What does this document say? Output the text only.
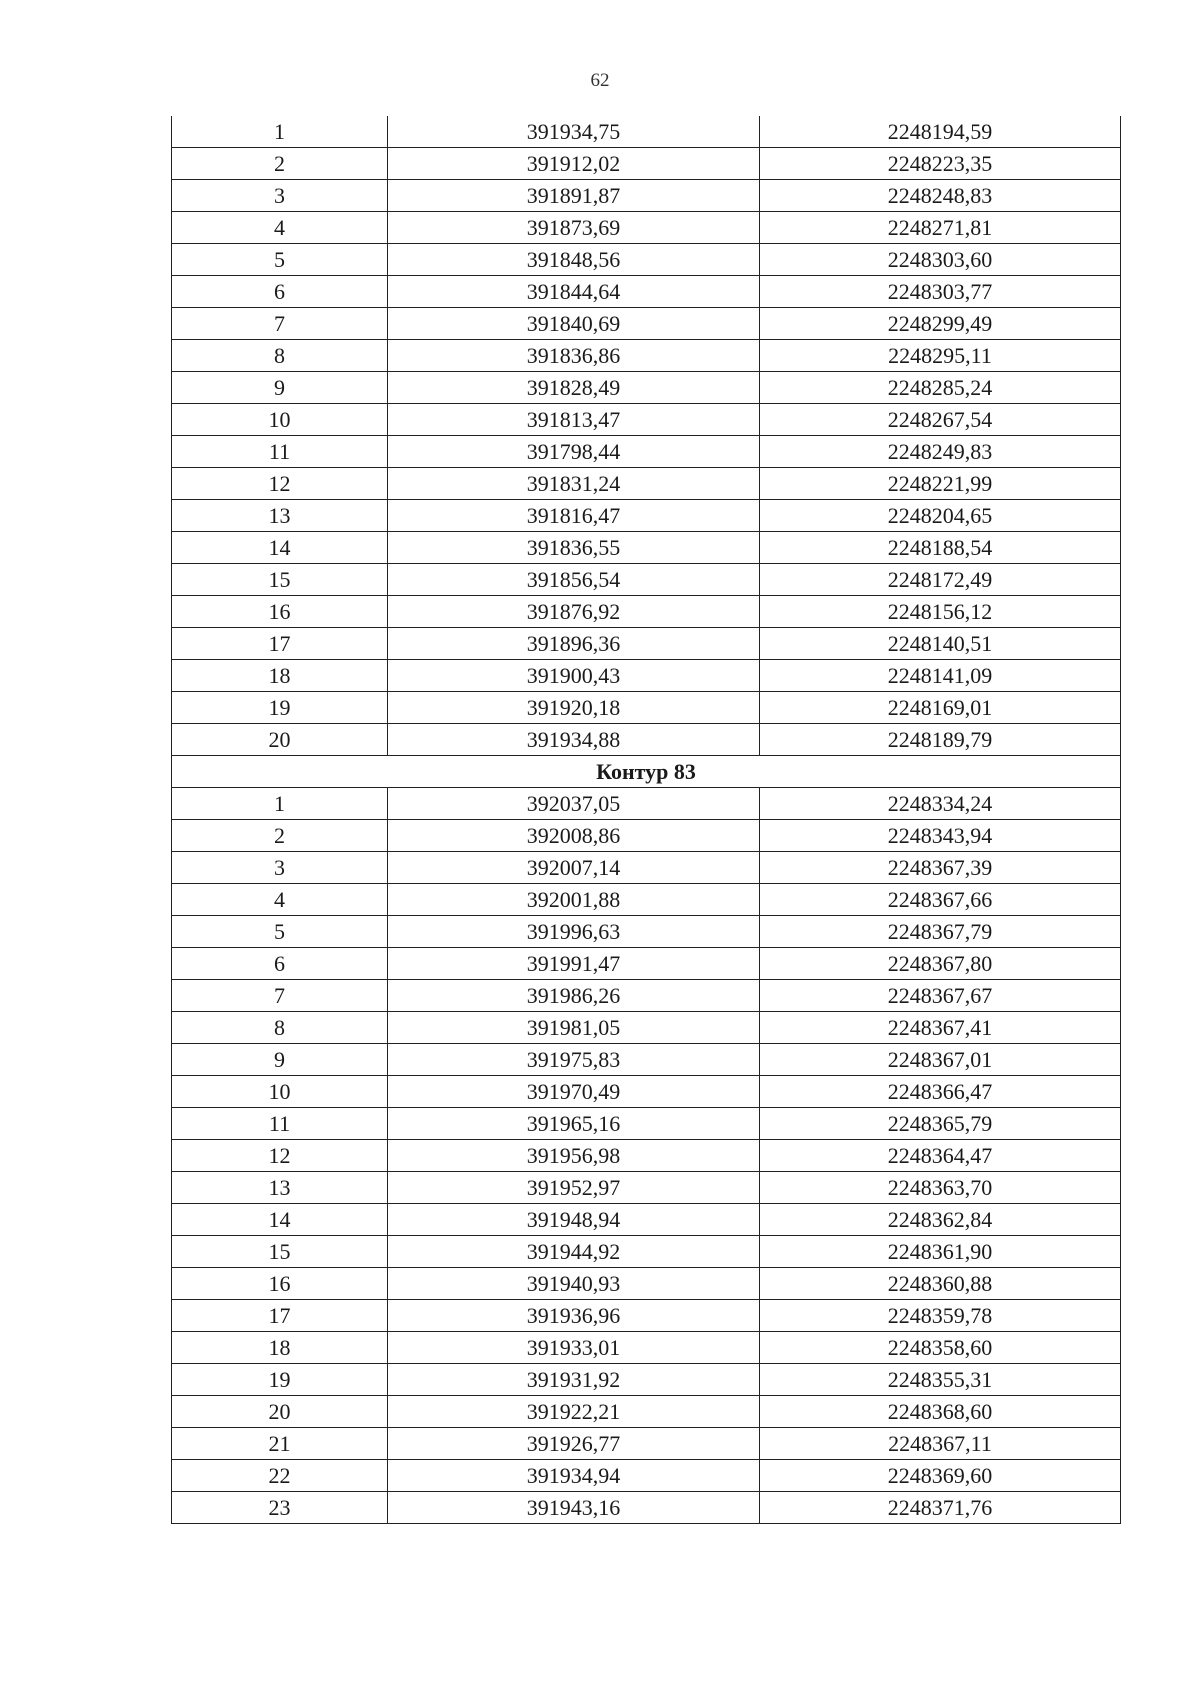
62
1	391934,75	2248194,59
2	391912,02	2248223,35
3	391891,87	2248248,83
4	391873,69	2248271,81
5	391848,56	2248303,60
6	391844,64	2248303,77
7	391840,69	2248299,49
8	391836,86	2248295,11
9	391828,49	2248285,24
10	391813,47	2248267,54
11	391798,44	2248249,83
12	391831,24	2248221,99
13	391816,47	2248204,65
14	391836,55	2248188,54
15	391856,54	2248172,49
16	391876,92	2248156,12
17	391896,36	2248140,51
18	391900,43	2248141,09
19	391920,18	2248169,01
20	391934,88	2248189,79
Контур 83		
1	392037,05	2248334,24
2	392008,86	2248343,94
3	392007,14	2248367,39
4	392001,88	2248367,66
5	391996,63	2248367,79
6	391991,47	2248367,80
7	391986,26	2248367,67
8	391981,05	2248367,41
9	391975,83	2248367,01
10	391970,49	2248366,47
11	391965,16	2248365,79
12	391956,98	2248364,47
13	391952,97	2248363,70
14	391948,94	2248362,84
15	391944,92	2248361,90
16	391940,93	2248360,88
17	391936,96	2248359,78
18	391933,01	2248358,60
19	391931,92	2248355,31
20	391922,21	2248368,60
21	391926,77	2248367,11
22	391934,94	2248369,60
23	391943,16	2248371,76
